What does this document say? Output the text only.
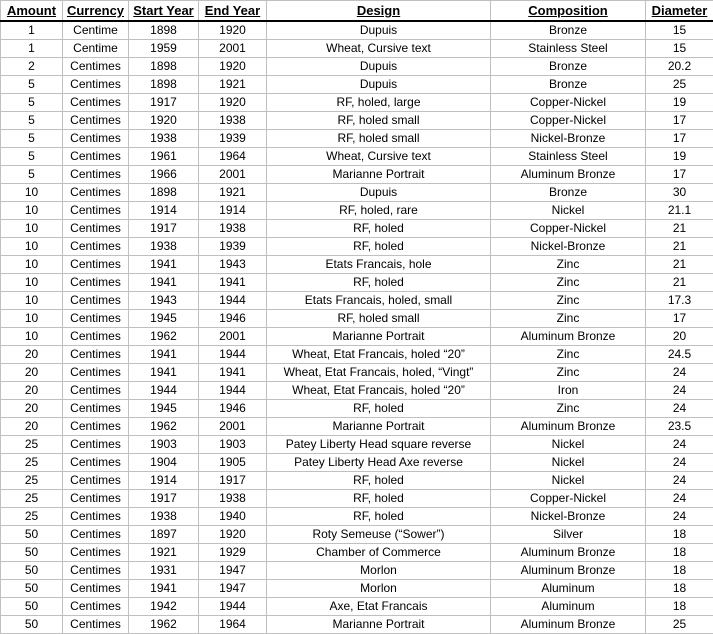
Amount	Currency	Start Year	End Year	Design	Composition	Diameter
1	Centime	1898	1920	Dupuis	Bronze	15
1	Centime	1959	2001	Wheat, Cursive text	Stainless Steel	15
2	Centimes	1898	1920	Dupuis	Bronze	20.2
5	Centimes	1898	1921	Dupuis	Bronze	25
5	Centimes	1917	1920	RF, holed, large	Copper-Nickel	19
5	Centimes	1920	1938	RF, holed small	Copper-Nickel	17
5	Centimes	1938	1939	RF, holed small	Nickel-Bronze	17
5	Centimes	1961	1964	Wheat, Cursive text	Stainless Steel	19
5	Centimes	1966	2001	Marianne Portrait	Aluminum Bronze	17
10	Centimes	1898	1921	Dupuis	Bronze	30
10	Centimes	1914	1914	RF, holed, rare	Nickel	21.1
10	Centimes	1917	1938	RF, holed	Copper-Nickel	21
10	Centimes	1938	1939	RF, holed	Nickel-Bronze	21
10	Centimes	1941	1943	Etats Francais, hole	Zinc	21
10	Centimes	1941	1941	RF, holed	Zinc	21
10	Centimes	1943	1944	Etats Francais, holed, small	Zinc	17.3
10	Centimes	1945	1946	RF, holed small	Zinc	17
10	Centimes	1962	2001	Marianne Portrait	Aluminum Bronze	20
20	Centimes	1941	1944	Wheat, Etat Francais, holed “20”	Zinc	24.5
20	Centimes	1941	1941	Wheat, Etat Francais, holed, “Vingt”	Zinc	24
20	Centimes	1944	1944	Wheat, Etat Francais, holed “20”	Iron	24
20	Centimes	1945	1946	RF, holed	Zinc	24
20	Centimes	1962	2001	Marianne Portrait	Aluminum Bronze	23.5
25	Centimes	1903	1903	Patey Liberty Head square reverse	Nickel	24
25	Centimes	1904	1905	Patey Liberty Head Axe reverse	Nickel	24
25	Centimes	1914	1917	RF, holed	Nickel	24
25	Centimes	1917	1938	RF, holed	Copper-Nickel	24
25	Centimes	1938	1940	RF, holed	Nickel-Bronze	24
50	Centimes	1897	1920	Roty Semeuse (“Sower”)	Silver	18
50	Centimes	1921	1929	Chamber of Commerce	Aluminum Bronze	18
50	Centimes	1931	1947	Morlon	Aluminum Bronze	18
50	Centimes	1941	1947	Morlon	Aluminum	18
50	Centimes	1942	1944	Axe, Etat Francais	Aluminum	18
50	Centimes	1962	1964	Marianne Portrait	Aluminum Bronze	25
